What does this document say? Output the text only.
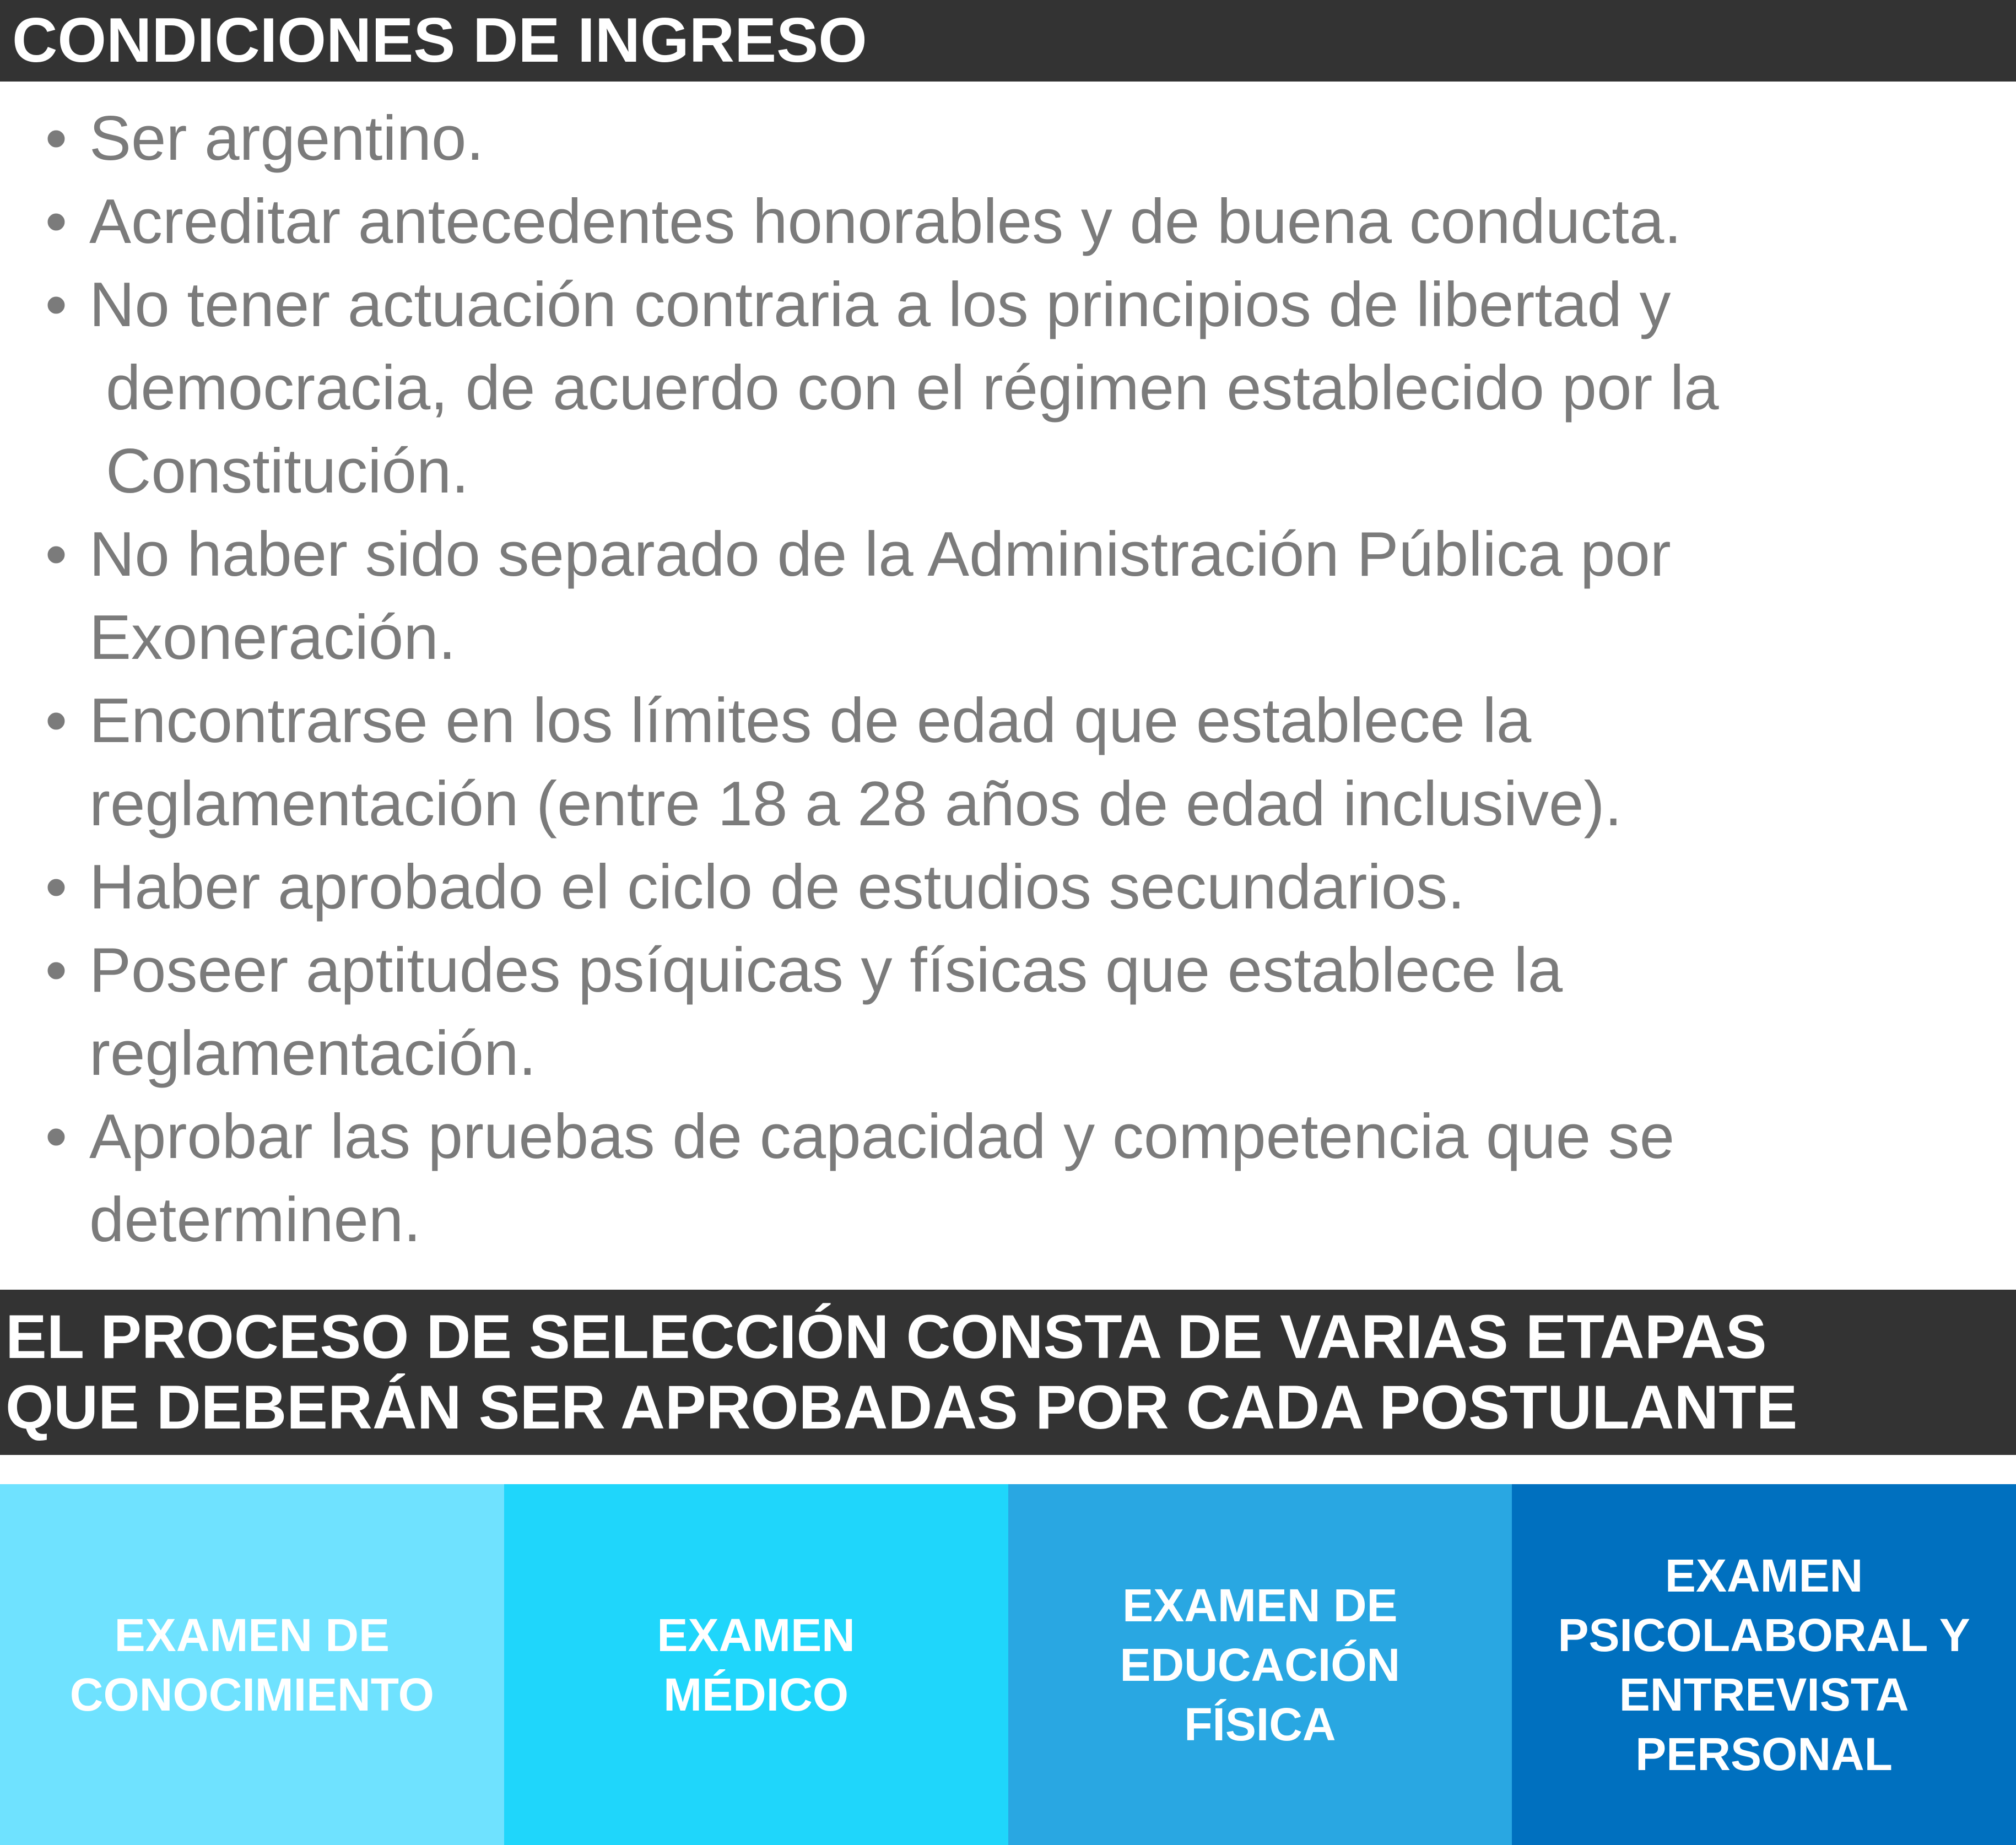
CONDICIONES DE INGRESO
• Ser argentino.
• Acreditar antecedentes honorables y de buena conducta.
• No tener actuación contraria a los principios de libertad y
democracia, de acuerdo con el régimen establecido por la
Constitución.
• No haber sido separado de la Administración Pública por
Exoneración.
• Encontrarse en los límites de edad que establece la
reglamentación (entre 18 a 28 años de edad inclusive).
• Haber aprobado el ciclo de estudios secundarios.
• Poseer aptitudes psíquicas y físicas que establece la
reglamentación.
• Aprobar las pruebas de capacidad y competencia que se
determinen.
EL PROCESO DE SELECCIÓN CONSTA DE VARIAS ETAPAS
QUE DEBERÁN SER APROBADAS POR CADA POSTULANTE
EXAMEN DE
CONOCIMIENTO
EXAMEN
MÉDICO
EXAMEN DE
EDUCACIÓN
FÍSICA
EXAMEN
PSICOLABORAL Y
ENTREVISTA
PERSONAL
